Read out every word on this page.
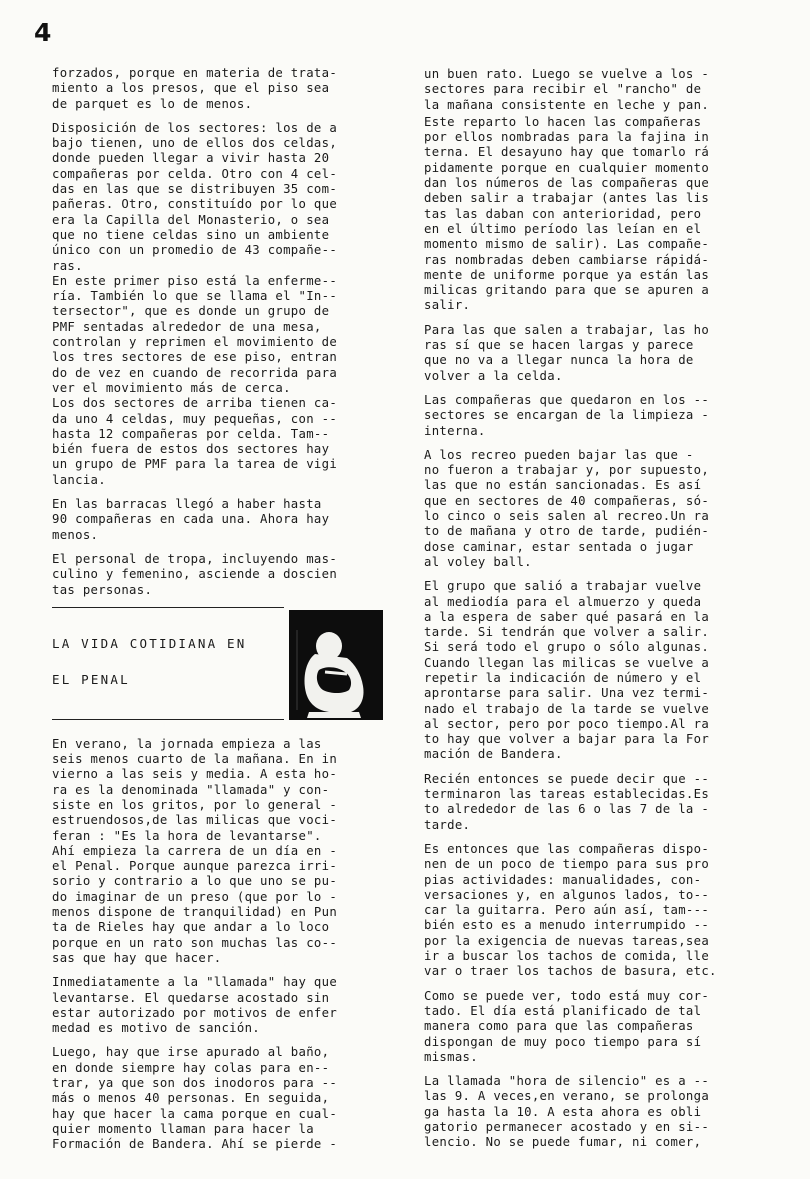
4

forzados, porque en materia de trata-
miento a los presos, que el piso sea
de parquet es lo de menos.

Disposición de los sectores: los de a
bajo tienen, uno de ellos dos celdas,
donde pueden llegar a vivir hasta 20
compañeras por celda. Otro con 4 cel-
das en las que se distribuyen 35 com-
pañeras. Otro, constituído por lo que
era la Capilla del Monasterio, o sea
que no tiene celdas sino un ambiente
único con un promedio de 43 compañe--
ras.

En este primer piso está la enferme--
ría. También lo que se llama el "In--
tersector", que es donde un grupo de
PMF sentadas alrededor de una mesa,
controlan y reprimen el movimiento de
los tres sectores de ese piso, entran
do de vez en cuando de recorrida para
ver el movimiento más de cerca.

Los dos sectores de arriba tienen ca-
da uno 4 celdas, muy pequeñas, con --
hasta 12 compañeras por celda. Tam--
bién fuera de estos dos sectores hay
un grupo de PMF para la tarea de vigi
lancia.

En las barracas llegó a haber hasta
90 compañeras en cada una. Ahora hay
menos.

El personal de tropa, incluyendo mas-
culino y femenino, asciende a doscien
tas personas.

LA VIDA COTIDIANA EN
EL PENAL

En verano, la jornada empieza a las
seis menos cuarto de la mañana. En in
vierno a las seis y media. A esta ho-
ra es la denominada "llamada" y con-
siste en los gritos, por lo general -
estruendosos,de las milicas que voci-
feran : "Es la hora de levantarse".
Ahí empieza la carrera de un día en -
el Penal. Porque aunque parezca irri-
sorio y contrario a lo que uno se pu-
do imaginar de un preso (que por lo -
menos dispone de tranquilidad) en Pun
ta de Rieles hay que andar a lo loco
porque en un rato son muchas las co--
sas que hay que hacer.

Inmediatamente a la "llamada" hay que
levantarse. El quedarse acostado sin
estar autorizado por motivos de enfer
medad es motivo de sanción.

Luego, hay que irse apurado al baño,
en donde siempre hay colas para en--
trar, ya que son dos inodoros para --
más o menos 40 personas. En seguida,
hay que hacer la cama porque en cual-
quier momento llaman para hacer la
Formación de Bandera. Ahí se pierde -

un buen rato. Luego se vuelve a los -
sectores para recibir el "rancho" de
la mañana consistente en leche y pan.

Este reparto lo hacen las compañeras
por ellos nombradas para la fajina in
terna. El desayuno hay que tomarlo rá
pidamente porque en cualquier momento
dan los números de las compañeras que
deben salir a trabajar (antes las lis
tas las daban con anterioridad, pero
en el último período las leían en el
momento mismo de salir). Las compañe-
ras nombradas deben cambiarse rápidá-
mente de uniforme porque ya están las
milicas gritando para que se apuren a
salir.

Para las que salen a trabajar, las ho
ras sí que se hacen largas y parece
que no va a llegar nunca la hora de
volver a la celda.

Las compañeras que quedaron en los --
sectores se encargan de la limpieza -
interna.

A los recreo pueden bajar las que -
no fueron a trabajar y, por supuesto,
las que no están sancionadas. Es así
que en sectores de 40 compañeras, só-
lo cinco o seis salen al recreo.Un ra
to de mañana y otro de tarde, pudién-
dose caminar, estar sentada o jugar
al voley ball.

El grupo que salió a trabajar vuelve
al mediodía para el almuerzo y queda
a la espera de saber qué pasará en la
tarde. Si tendrán que volver a salir.
Si será todo el grupo o sólo algunas.
Cuando llegan las milicas se vuelve a
repetir la indicación de número y el
aprontarse para salir. Una vez termi-
nado el trabajo de la tarde se vuelve
al sector, pero por poco tiempo.Al ra
to hay que volver a bajar para la For
mación de Bandera.

Recién entonces se puede decir que --
terminaron las tareas establecidas.Es
to alrededor de las 6 o las 7 de la -
tarde.

Es entonces que las compañeras dispo-
nen de un poco de tiempo para sus pro
pias actividades: manualidades, con-
versaciones y, en algunos lados, to--
car la guitarra. Pero aún así, tam---
bién esto es a menudo interrumpido --
por la exigencia de nuevas tareas,sea
ir a buscar los tachos de comida, lle
var o traer los tachos de basura, etc.

Como se puede ver, todo está muy cor-
tado. El día está planificado de tal
manera como para que las compañeras
dispongan de muy poco tiempo para sí
mismas.

La llamada "hora de silencio" es a --
las 9. A veces,en verano, se prolonga
ga hasta la 10. A esta ahora es obli
gatorio permanecer acostado y en si--
lencio. No se puede fumar, ni comer,
